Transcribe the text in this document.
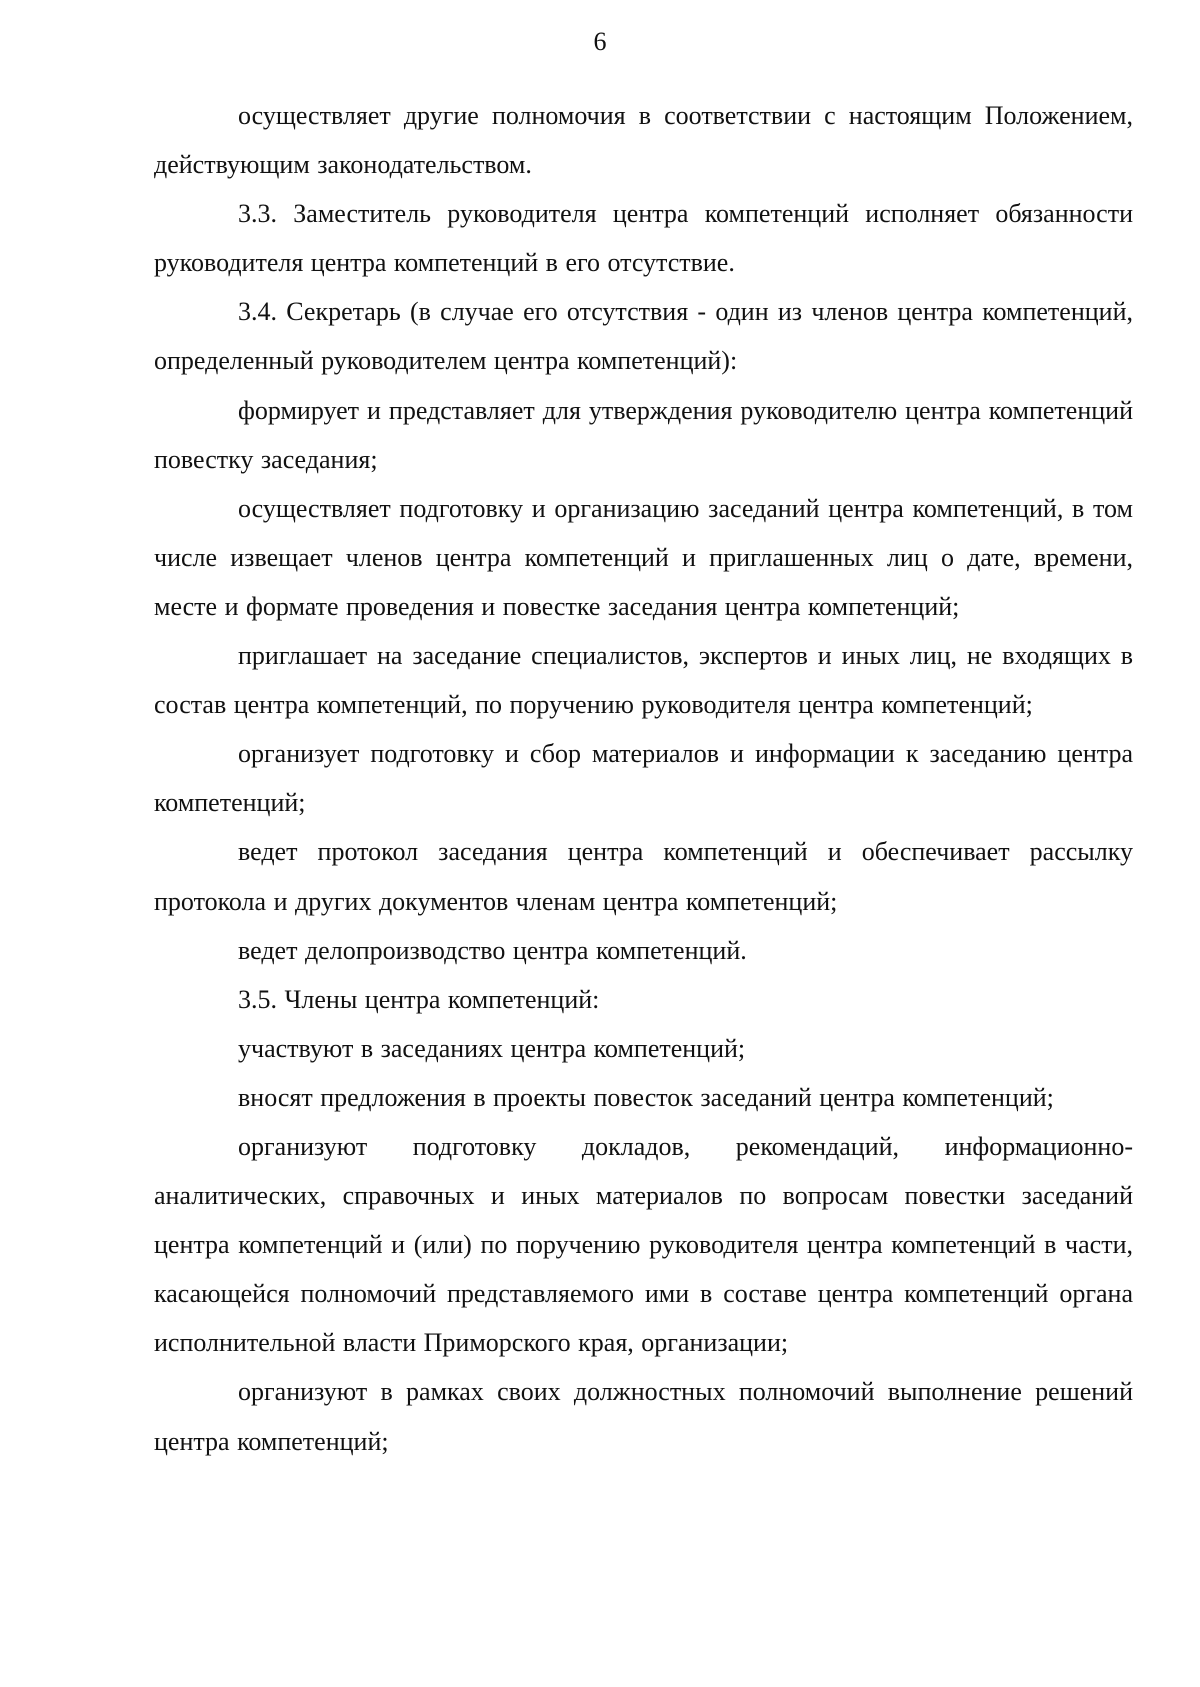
6

осуществляет другие полномочия в соответствии с настоящим Положением, действующим законодательством.

3.3. Заместитель руководителя центра компетенций исполняет обязанности руководителя центра компетенций в его отсутствие.

3.4. Секретарь (в случае его отсутствия - один из членов центра компетенций, определенный руководителем центра компетенций):

формирует и представляет для утверждения руководителю центра компетенций повестку заседания;

осуществляет подготовку и организацию заседаний центра компетенций, в том числе извещает членов центра компетенций и приглашенных лиц о дате, времени, месте и формате проведения и повестке заседания центра компетенций;

приглашает на заседание специалистов, экспертов и иных лиц, не входящих в состав центра компетенций, по поручению руководителя центра компетенций;

организует подготовку и сбор материалов и информации к заседанию центра компетенций;

ведет протокол заседания центра компетенций и обеспечивает рассылку протокола и других документов членам центра компетенций;

ведет делопроизводство центра компетенций.

3.5. Члены центра компетенций:

участвуют в заседаниях центра компетенций;

вносят предложения в проекты повесток заседаний центра компетенций;

организуют подготовку докладов, рекомендаций, информационно-аналитических, справочных и иных материалов по вопросам повестки заседаний центра компетенций и (или) по поручению руководителя центра компетенций в части, касающейся полномочий представляемого ими в составе центра компетенций органа исполнительной власти Приморского края, организации;

организуют в рамках своих должностных полномочий выполнение решений центра компетенций;
